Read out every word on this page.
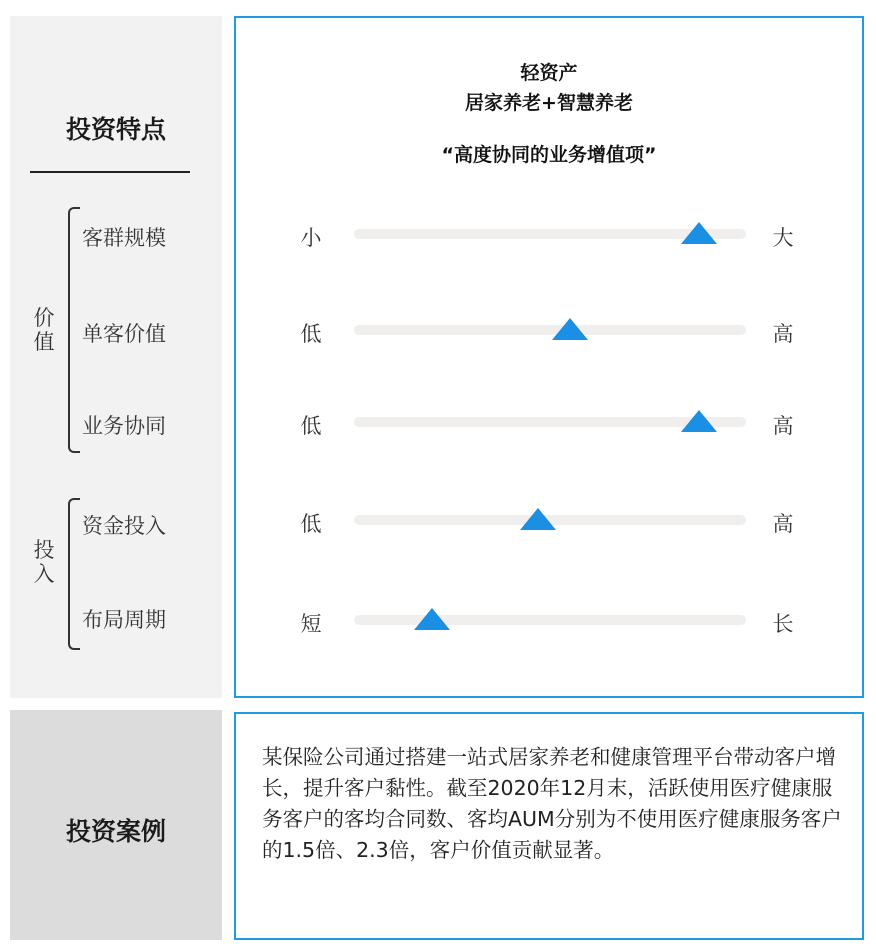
投资特点
价值
客群规模
单客价值
业务协同
投入
资金投入
布局周期
投资案例
轻资产
居家养老+智慧养老
“高度协同的业务增值项”
小	大
低	高
低	高
低	高
短	长
某保险公司通过搭建一站式居家养老和健康管理平台带动客户增长，提升客户黏性。截至2020年12月末，活跃使用医疗健康服务客户的客均合同数、客均AUM分别为不使用医疗健康服务客户的1.5倍、2.3倍，客户价值贡献显著。
